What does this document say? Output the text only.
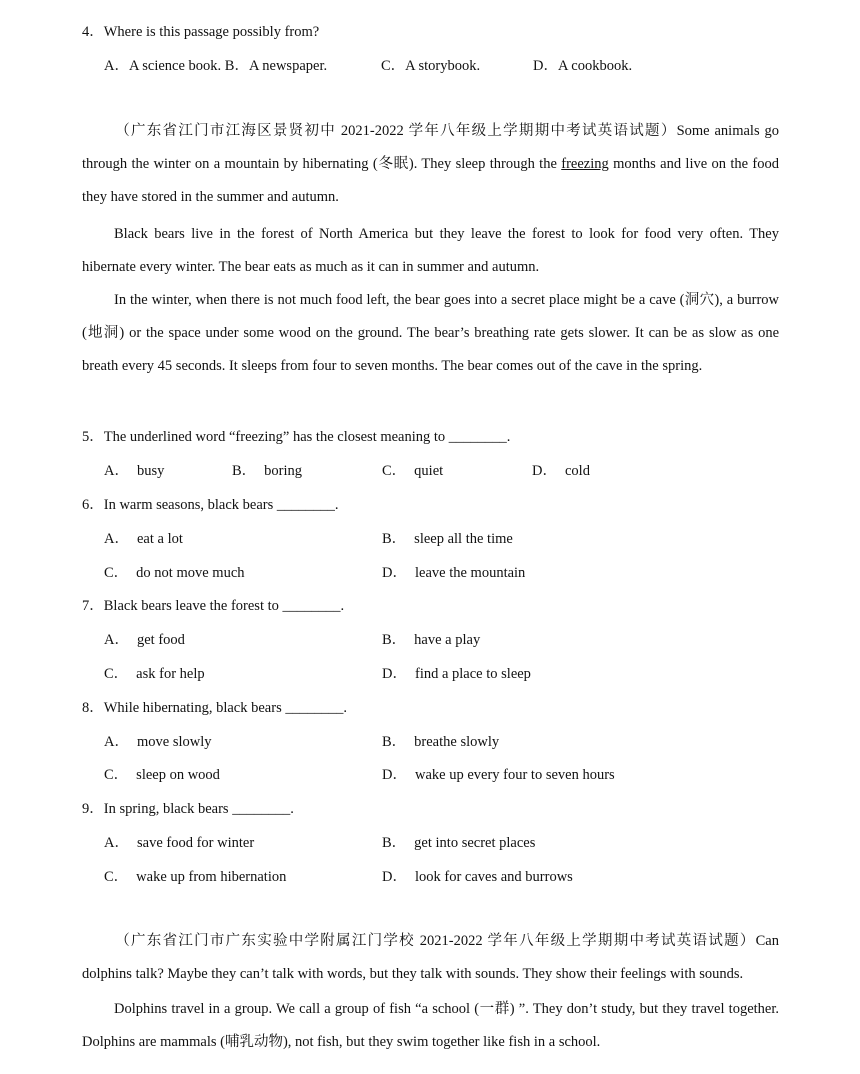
4．Where is this passage possibly from?
A．A science book. B．A newspaper.	C．A storybook.	D．A cookbook.
（广东省江门市江海区景贤初中 2021-2022 学年八年级上学期期中考试英语试题）Some animals go through the winter on a mountain by hibernating (冬眠). They sleep through the freezing months and live on the food they have stored in the summer and autumn.
Black bears live in the forest of North America but they leave the forest to look for food very often. They hibernate every winter. The bear eats as much as it can in summer and autumn.
In the winter, when there is not much food left, the bear goes into a secret place might be a cave (洞穴), a burrow (地洞) or the space under some wood on the ground. The bear’s breathing rate gets slower. It can be as slow as one breath every 45 seconds. It sleeps from four to seven months. The bear comes out of the cave in the spring.
5．The underlined word “freezing” has the closest meaning to ________.
A． busy	B． boring	C． quiet	D． cold
6．In warm seasons, black bears ________.
A． eat a lot	B． sleep all the time
C． do not move much	D． leave the mountain
7．Black bears leave the forest to ________.
A． get food	B． have a play
C． ask for help	D． find a place to sleep
8．While hibernating, black bears ________.
A． move slowly	B． breathe slowly
C． sleep on wood	D． wake up every four to seven hours
9．In spring, black bears ________.
A． save food for winter	B． get into secret places
C． wake up from hibernation	D． look for caves and burrows
（广东省江门市广东实验中学附属江门学校 2021-2022 学年八年级上学期期中考试英语试题）Can dolphins talk? Maybe they can’t talk with words, but they talk with sounds. They show their feelings with sounds.
Dolphins travel in a group. We call a group of fish “a school (一群) ”. They don’t study, but they travel together. Dolphins are mammals (哺乳动物), not fish, but they swim together like fish in a school.
